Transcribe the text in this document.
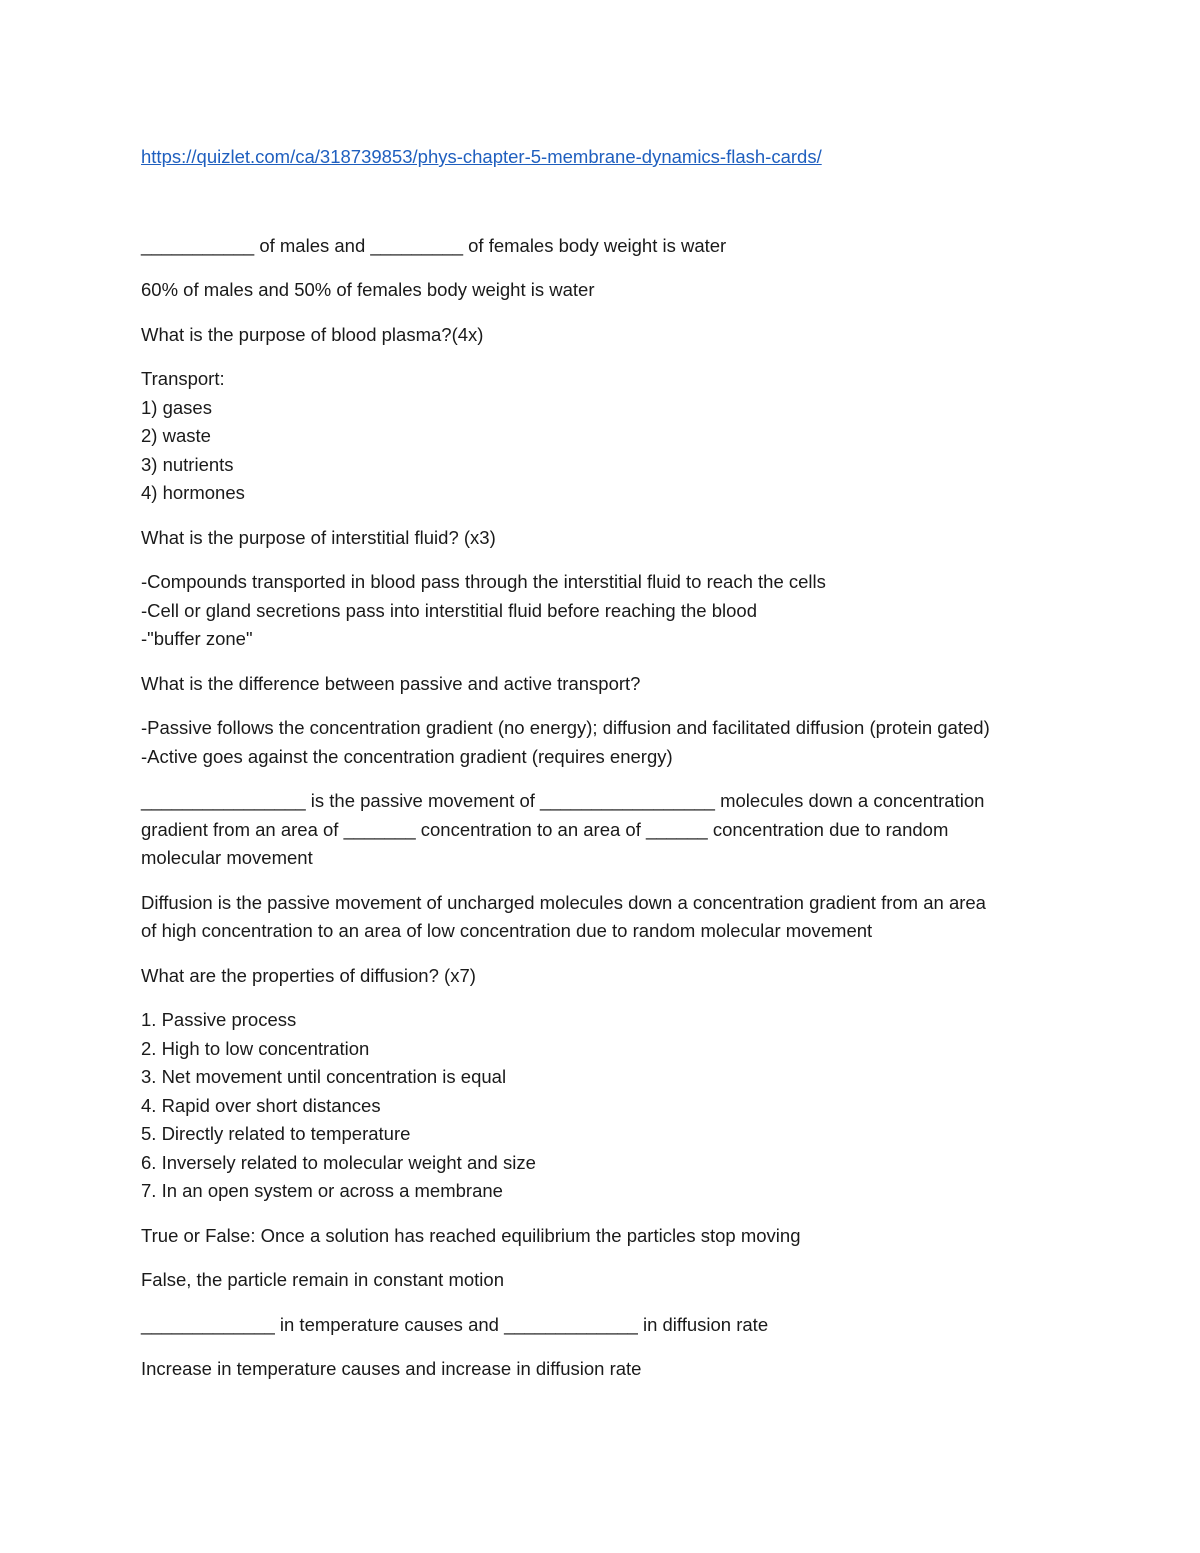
https://quizlet.com/ca/318739853/phys-chapter-5-membrane-dynamics-flash-cards/

___________ of males and _________ of females body weight is water

60% of males and 50% of females body weight is water

What is the purpose of blood plasma?(4x)

Transport:
1) gases
2) waste
3) nutrients
4) hormones

What is the purpose of interstitial fluid? (x3)

-Compounds transported in blood pass through the interstitial fluid to reach the cells
-Cell or gland secretions pass into interstitial fluid before reaching the blood
-"buffer zone"

What is the difference between passive and active transport?

-Passive follows the concentration gradient (no energy); diffusion and facilitated diffusion (protein gated)
-Active goes against the concentration gradient (requires energy)
________________ is the passive movement of _________________ molecules down a concentration
gradient from an area of _______ concentration to an area of ______ concentration due to random
molecular movement
Diffusion is the passive movement of uncharged molecules down a concentration gradient from an area
of high concentration to an area of low concentration due to random molecular movement

What are the properties of diffusion? (x7)

1. Passive process
2. High to low concentration
3. Net movement until concentration is equal
4. Rapid over short distances
5. Directly related to temperature
6. Inversely related to molecular weight and size
7. In an open system or across a membrane

True or False: Once a solution has reached equilibrium the particles stop moving

False, the particle remain in constant motion

_____________ in temperature causes and _____________ in diffusion rate

Increase in temperature causes and increase in diffusion rate
